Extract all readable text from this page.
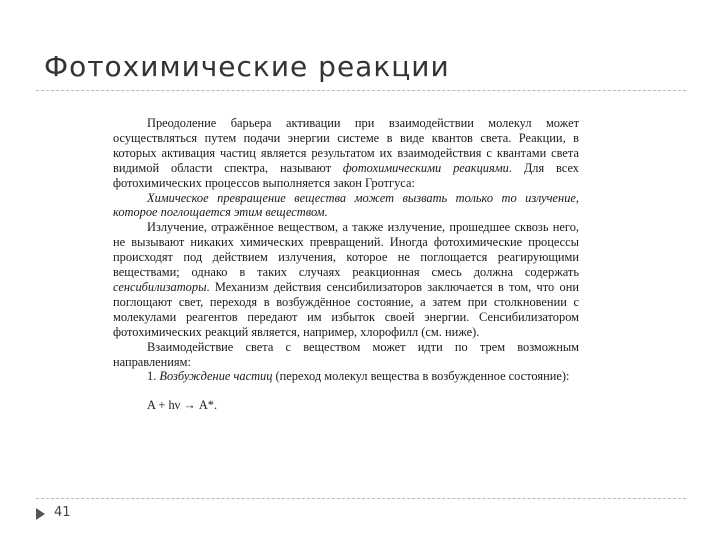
Фотохимические реакции

Преодоление барьера активации при взаимодействии молекул может осуществляться путем подачи энергии системе в виде квантов света. Реакции, в которых активация частиц является результатом их взаимодействия с квантами света видимой области спектра, называют фотохимическими реакциями. Для всех фотохимических процессов выполняется закон Гротгуса:

Химическое превращение вещества может вызвать только то излучение, которое поглощается этим веществом.

Излучение, отражённое веществом, а также излучение, прошедшее сквозь него, не вызывают никаких химических превращений. Иногда фотохимические процессы происходят под действием излучения, которое не поглощается реагирующими веществами; однако в таких случаях реакционная смесь должна содержать сенсибилизаторы. Механизм действия сенсибилизаторов заключается в том, что они поглощают свет, переходя в возбуждённое состояние, а затем при столкновении с молекулами реагентов передают им избыток своей энергии. Сенсибилизатором фотохимических реакций является, например, хлорофилл (см. ниже).

Взаимодействие света с веществом может идти по трем возможным направлениям:

1. Возбуждение частиц (переход молекул вещества в возбужденное состояние):

A + hν → A*.

41
